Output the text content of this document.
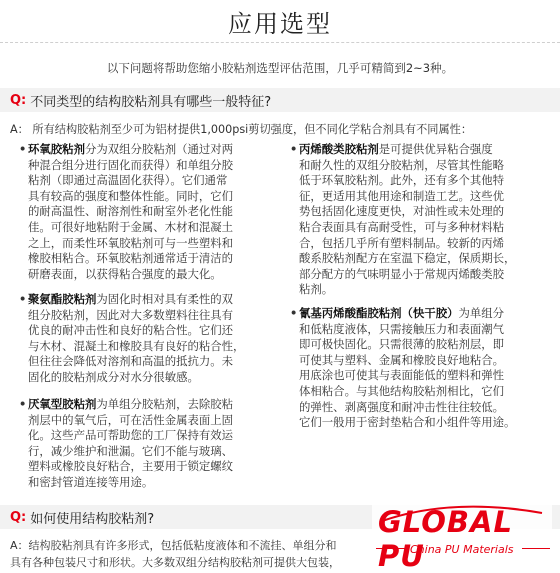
应用选型
以下问题将帮助您缩小胶粘剂选型评估范围，几乎可精简到2~3种。
Q: 不同类型的结构胶粘剂具有哪些一般特征?
A： 所有结构胶粘剂至少可为铝材提供1,000psi剪切强度，但不同化学粘合剂具有不同属性：
• 环氧胶粘剂分为双组分胶粘剂（通过对两
种混合组分进行固化而获得）和单组分胶
粘剂（即通过高温固化获得）。它们通常
具有较高的强度和整体性能。同时，它们
的耐高温性、耐溶剂性和耐室外老化性能
佳。可很好地粘附于金属、木材和混凝土
之上，而柔性环氧胶粘剂可与一些塑料和
橡胶相粘合。环氧胶粘剂通常适于清洁的
研磨表面，以获得粘合强度的最大化。
• 聚氨酯胶粘剂为固化时相对具有柔性的双
组分胶粘剂，因此对大多数塑料往往具有
优良的耐冲击性和良好的粘合性。它们还
与木材、混凝土和橡胶具有良好的粘合性，
但往往会降低对溶剂和高温的抵抗力。未
固化的胶粘剂成分对水分很敏感。
• 厌氧型胶粘剂为单组分胶粘剂，去除胶粘
剂层中的氧气后，可在活性金属表面上固
化。这些产品可帮助您的工厂保持有效运
行，减少维护和泄漏。它们不能与玻璃、
塑料或橡胶良好粘合，主要用于锁定螺纹
和密封管道连接等用途。
• 丙烯酸类胶粘剂是可提供优异粘合强度
和耐久性的双组分胶粘剂，尽管其性能略
低于环氧胶粘剂。此外，还有多个其他特
征，更适用其他用途和制造工艺。这些优
势包括固化速度更快，对油性或未处理的
粘合表面具有高耐受性，可与多种材料粘
合，包括几乎所有塑料制品。较新的丙烯
酸系胶粘剂配方在室温下稳定，保质期长，
部分配方的气味明显小于常规丙烯酸类胶
粘剂。
• 氰基丙烯酸酯胶粘剂（快干胶）为单组分
和低粘度液体，只需接触压力和表面潮气
即可极快固化。只需很薄的胶粘剂层，即
可使其与塑料、金属和橡胶良好地粘合。
用底涂也可使其与表面能低的塑料和弹性
体相粘合。与其他结构胶粘剂相比，它们
的弹性、剥离强度和耐冲击性往往较低。
它们一般用于密封垫粘合和小组件等用途。
Q: 如何使用结构胶粘剂?
A：结构胶粘剂具有许多形式，包括低粘度液体和不流挂、单组分和
具有各种包装尺寸和形状。大多数双组分结构胶粘剂可提供大包装，
GLOBAL PU
China PU Materials
